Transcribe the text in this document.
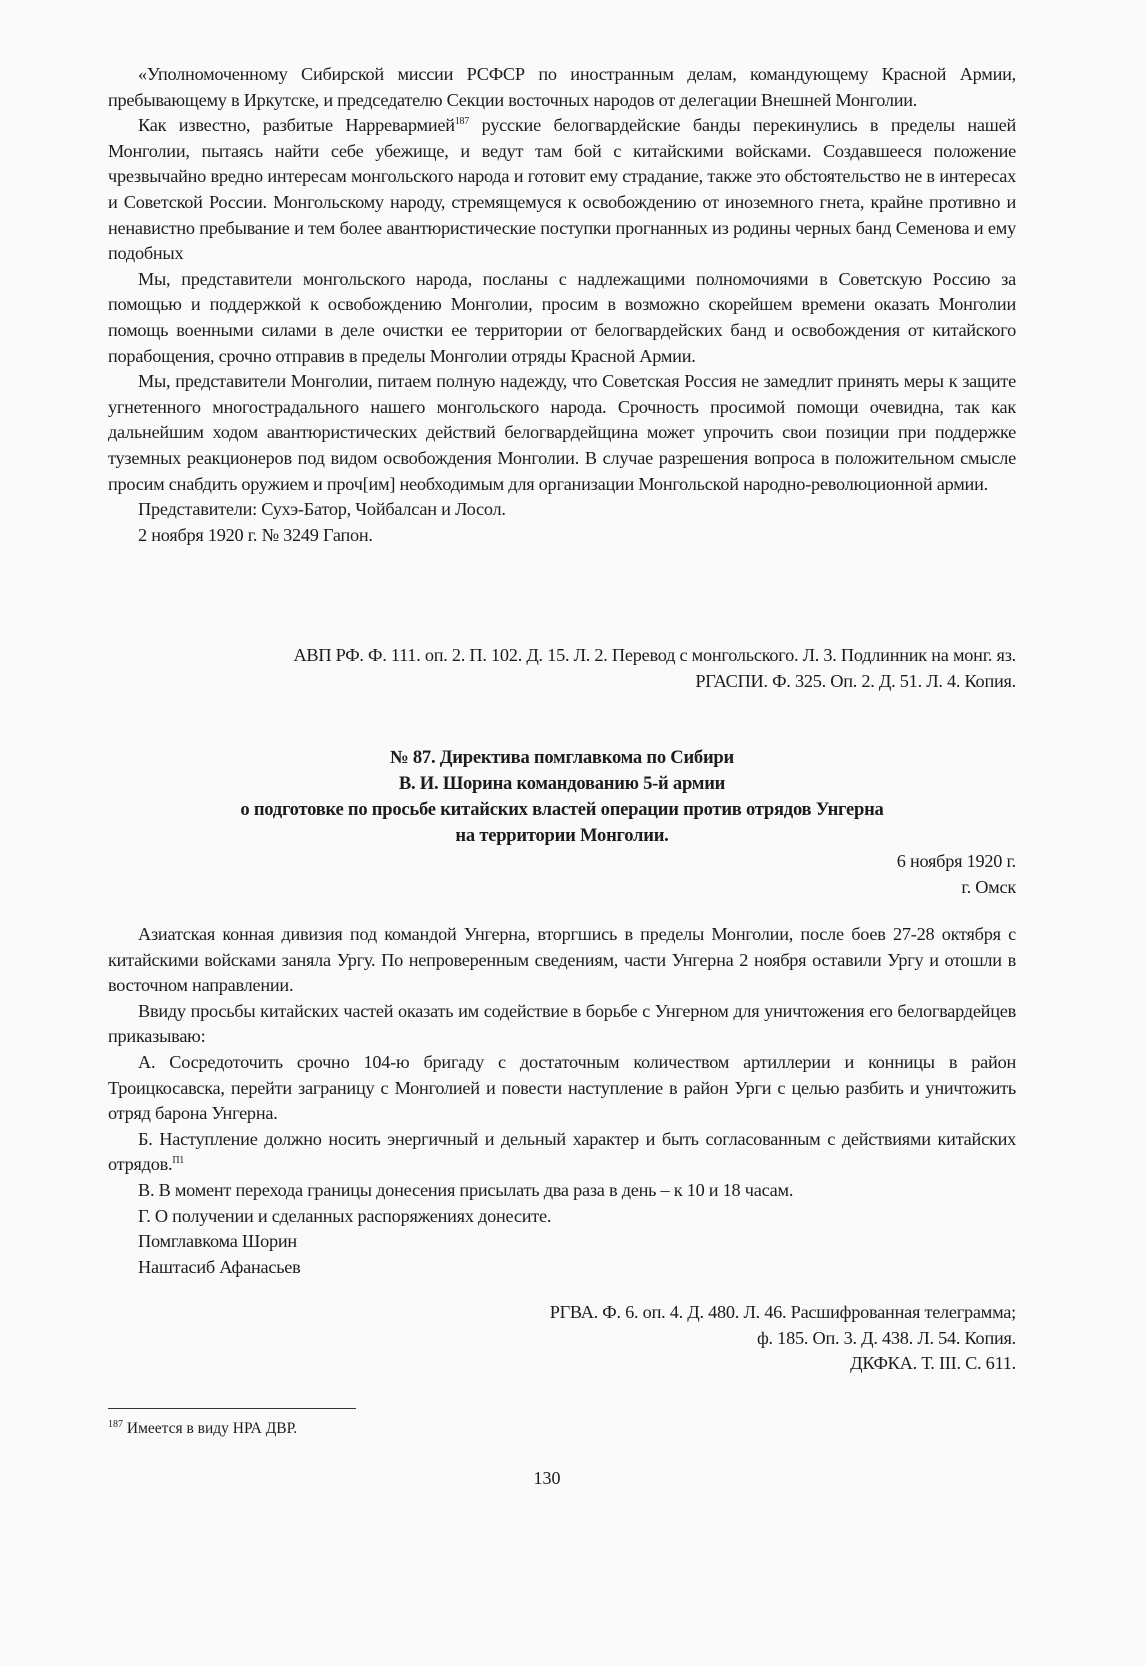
«Уполномоченному Сибирской миссии РСФСР по иностранным делам, командующему Красной Армии, пребывающему в Иркутске, и председателю Секции восточных народов от делегации Внешней Монголии.

Как известно, разбитые Нарревармией$^{187}$ русские белогвардейские банды перекинулись в пределы нашей Монголии, пытаясь найти себе убежище, и ведут там бой с китайскими войсками. Создавшееся положение чрезвычайно вредно интересам монгольского народа и готовит ему страдание, также это обстоятельство не в интересах и Советской России. Монгольскому народу, стремящемуся к освобождению от иноземного гнета, крайне противно и ненавистно пребывание и тем более авантюристические поступки прогнанных из родины черных банд Семенова и ему подобных

Мы, представители монгольского народа, посланы с надлежащими полномочиями в Советскую Россию за помощью и поддержкой к освобождению Монголии, просим в возможно скорейшем времени оказать Монголии помощь военными силами в деле очистки ее территории от белогвардейских банд и освобождения от китайского порабощения, срочно отправив в пределы Монголии отряды Красной Армии.

Мы, представители Монголии, питаем полную надежду, что Советская Россия не замедлит принять меры к защите угнетенного многострадального нашего монгольского народа. Срочность просимой помощи очевидна, так как дальнейшим ходом авантюристических действий белогвардейщина может упрочить свои позиции при поддержке туземных реакционеров под видом освобождения Монголии. В случае разрешения вопроса в положительном смысле просим снабдить оружием и проч[им] необходимым для организации Монгольской народно-революционной армии.

Представители: Сухэ-Батор, Чойбалсан и Лосол.

2 ноября 1920 г. № 3249 Гапон.

АВП РФ. Ф. 111. оп. 2. П. 102. Д. 15. Л. 2. Перевод с монгольского. Л. 3. Подлинник на монг. яз.

РГАСПИ. Ф. 325. Оп. 2. Д. 51. Л. 4. Копия.

№ 87. Директива помглавкома по Сибири

В. И. Шорина командованию 5-й армии

о подготовке по просьбе китайских властей операции против отрядов Унгерна

на территории Монголии.

6 ноября 1920 г.

г. Омск

Азиатская конная дивизия под командой Унгерна, вторгшись в пределы Монголии, после боев 27-28 октября с китайскими войсками заняла Ургу. По непроверенным сведениям, части Унгерна 2 ноября оставили Ургу и отошли в восточном направлении.

Ввиду просьбы китайских частей оказать им содействие в борьбе с Унгерном для уничтожения его белогвардейцев приказываю:

А. Сосредоточить срочно 104-ю бригаду с достаточным количеством артиллерии и конницы в район Троицкосавска, перейти заграницу с Монголией и повести наступление в район Урги с целью разбить и уничтожить отряд барона Унгерна.

Б. Наступление должно носить энергичный и дельный характер и быть согласованным с действиями китайских отрядов.$^{П1}$

В. В момент перехода границы донесения присылать два раза в день – к 10 и 18 часам.

Г. О получении и сделанных распоряжениях донесите.

Помглавкома Шорин

Наштасиб Афанасьев

РГВА. Ф. 6. оп. 4. Д. 480. Л. 46. Расшифрованная телеграмма;

ф. 185. Оп. 3. Д. 438. Л. 54. Копия.

ДКФКА. Т. III. С. 611.

$^{187}$ Имеется в виду НРА ДВР.
130
